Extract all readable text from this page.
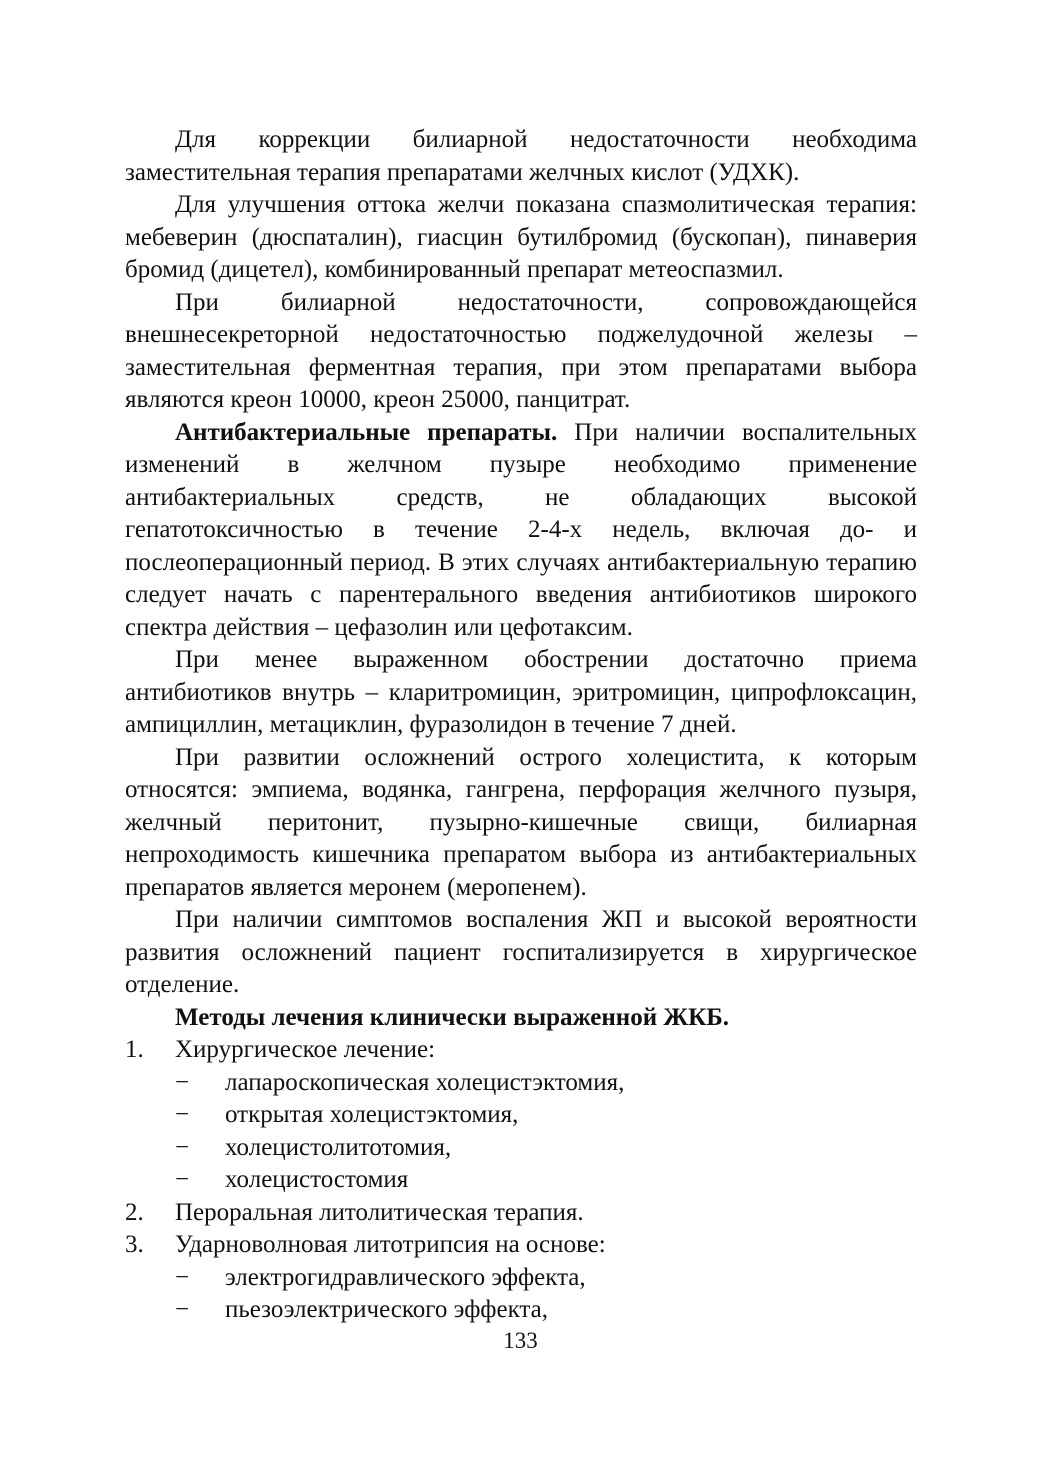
Для коррекции билиарной недостаточности необходима заместительная терапия препаратами желчных кислот (УДХК).

Для улучшения оттока желчи показана спазмолитическая терапия: мебеверин (дюспаталин), гиасцин бутилбромид (бускопан), пинаверия бромид (дицетел), комбинированный препарат метеоспазмил.

При билиарной недостаточности, сопровождающейся внешнесекреторной недостаточностью поджелудочной железы – заместительная ферментная терапия, при этом препаратами выбора являются креон 10000, креон 25000, панцитрат.

Антибактериальные препараты. При наличии воспалительных изменений в желчном пузыре необходимо применение антибактериальных средств, не обладающих высокой гепатотоксичностью в течение 2-4-х недель, включая до- и послеоперационный период. В этих случаях антибактериальную терапию следует начать с парентерального введения антибиотиков широкого спектра действия – цефазолин или цефотаксим.

При менее выраженном обострении достаточно приема антибиотиков внутрь – кларитромицин, эритромицин, ципрофлоксацин, ампициллин, метациклин, фуразолидон в течение 7 дней.

При развитии осложнений острого холецистита, к которым относятся: эмпиема, водянка, гангрена, перфорация желчного пузыря, желчный перитонит, пузырно-кишечные свищи, билиарная непроходимость кишечника препаратом выбора из антибактериальных препаратов является меронем (меропенем).

При наличии симптомов воспаления ЖП и высокой вероятности развития осложнений пациент госпитализируется в хирургическое отделение.

Методы лечения клинически выраженной ЖКБ.

1. Хирургическое лечение:
− лапароскопическая холецистэктомия,
− открытая холецистэктомия,
− холецистолитотомия,
− холецистостомия
2. Пероральная литолитическая терапия.
3. Ударноволновая литотрипсия на основе:
− электрогидравлического эффекта,
− пьезоэлектрического эффекта,
133
